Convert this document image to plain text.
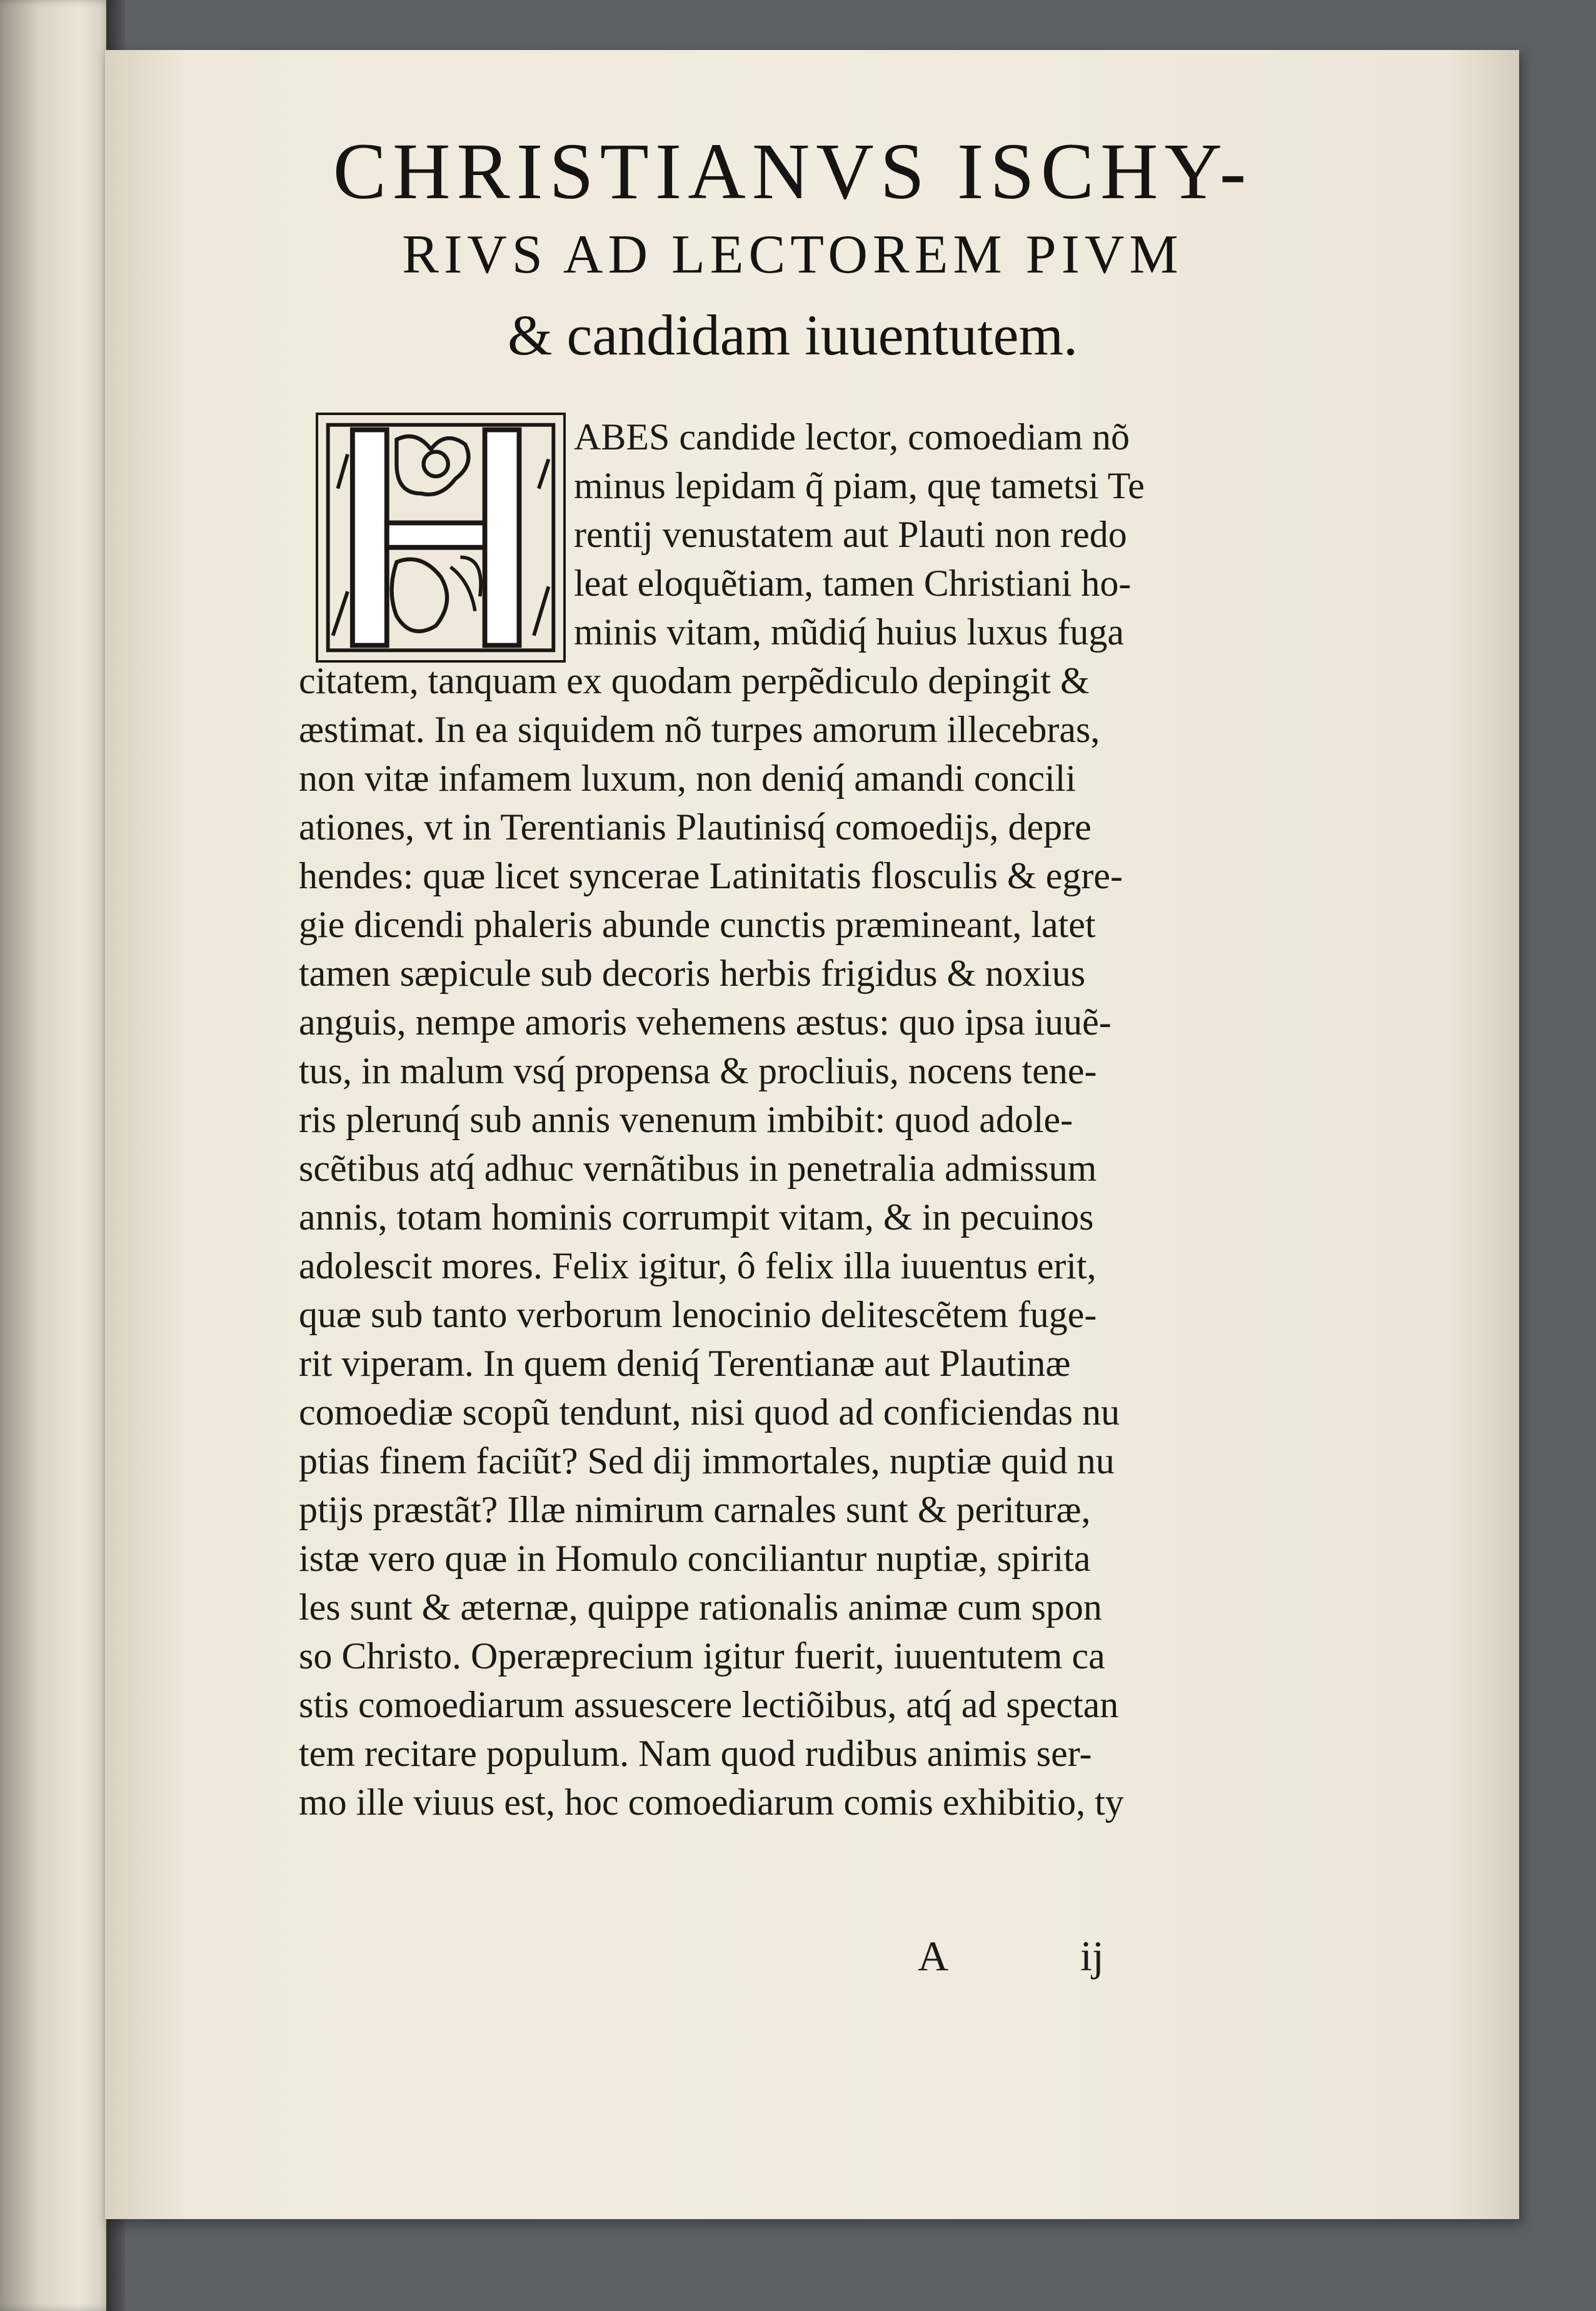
CHRISTIANVS ISCHY-
RIVS AD LECTOREM PIVM
& candidam iuuentutem.
ABES candide lector, comoediam nõ
minus lepidam q̃ piam, quę tametsi Te
rentij venustatem aut Plauti non redo
leat eloquẽtiam, tamen Christiani ho-
minis vitam, mũdiq́ huius luxus fuga
citatem, tanquam ex quodam perpẽdiculo depingit &
æstimat. In ea siquidem nõ turpes amorum illecebras,
non vitæ infamem luxum, non deniq́ amandi concili
ationes, vt in Terentianis Plautinisq́ comoedijs, depre
hendes: quæ licet syncerae Latinitatis flosculis & egre-
gie dicendi phaleris abunde cunctis præmineant, latet
tamen sæpicule sub decoris herbis frigidus & noxius
anguis, nempe amoris vehemens æstus: quo ipsa iuuẽ-
tus, in malum vsq́ propensa & procliuis, nocens tene-
ris plerunq́ sub annis venenum imbibit: quod adole-
scẽtibus atq́ adhuc vernãtibus in penetralia admissum
annis, totam hominis corrumpit vitam, & in pecuinos
adolescit mores. Felix igitur, ô felix illa iuuentus erit,
quæ sub tanto verborum lenocinio delitescẽtem fuge-
rit viperam. In quem deniq́ Terentianæ aut Plautinæ
comoediæ scopũ tendunt, nisi quod ad conficiendas nu
ptias finem faciũt? Sed dij immortales, nuptiæ quid nu
ptijs præstãt? Illæ nimirum carnales sunt & perituræ,
istæ vero quæ in Homulo conciliantur nuptiæ, spirita
les sunt & æternæ, quippe rationalis animæ cum spon
so Christo. Operæprecium igitur fuerit, iuuentutem ca
stis comoediarum assuescere lectiõibus, atq́ ad spectan
tem recitare populum. Nam quod rudibus animis ser-
mo ille viuus est, hoc comoediarum comis exhibitio, ty
A	ij
